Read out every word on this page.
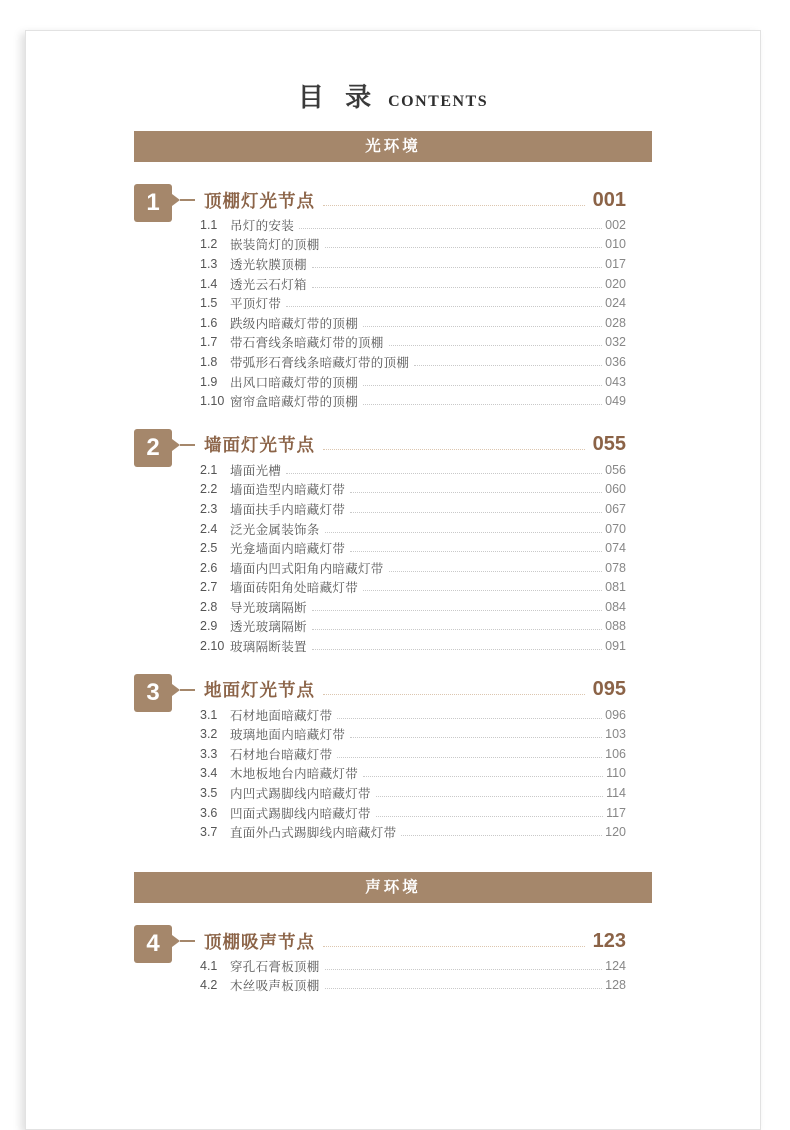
目 录 CONTENTS
光环境
1	顶棚灯光节点	001
1.1	吊灯的安装	002
1.2	嵌装筒灯的顶棚	010
1.3	透光软膜顶棚	017
1.4	透光云石灯箱	020
1.5	平顶灯带	024
1.6	跌级内暗藏灯带的顶棚	028
1.7	带石膏线条暗藏灯带的顶棚	032
1.8	带弧形石膏线条暗藏灯带的顶棚	036
1.9	出风口暗藏灯带的顶棚	043
1.10 窗帘盒暗藏灯带的顶棚	049
2	墙面灯光节点	055
2.1	墙面光槽	056
2.2	墙面造型内暗藏灯带	060
2.3	墙面扶手内暗藏灯带	067
2.4	泛光金属装饰条	070
2.5	光龛墙面内暗藏灯带	074
2.6	墙面内凹式阳角内暗藏灯带	078
2.7	墙面砖阳角处暗藏灯带	081
2.8	导光玻璃隔断	084
2.9	透光玻璃隔断	088
2.10 玻璃隔断装置	091
3	地面灯光节点	095
3.1	石材地面暗藏灯带	096
3.2	玻璃地面内暗藏灯带	103
3.3	石材地台暗藏灯带	106
3.4	木地板地台内暗藏灯带	110
3.5	内凹式踢脚线内暗藏灯带	114
3.6	凹面式踢脚线内暗藏灯带	117
3.7	直面外凸式踢脚线内暗藏灯带	120
声环境
4	顶棚吸声节点	123
4.1	穿孔石膏板顶棚	124
4.2	木丝吸声板顶棚	128
